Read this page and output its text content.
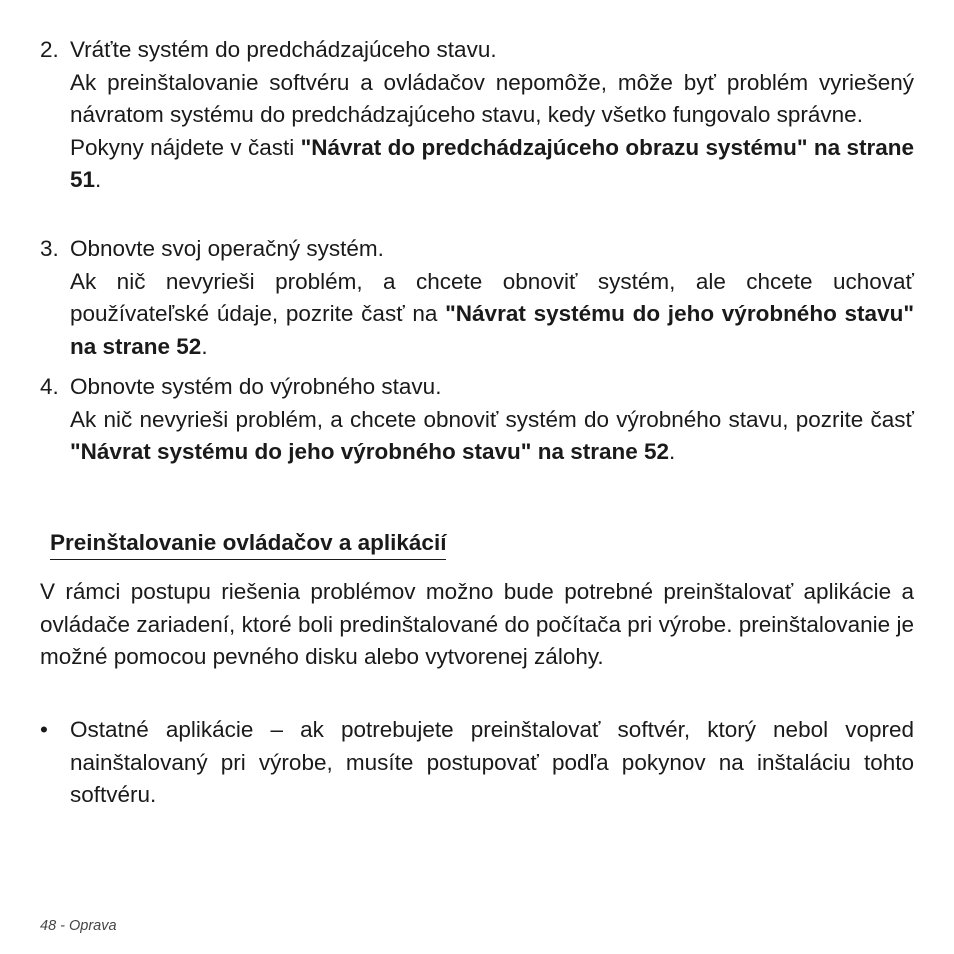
2. Vráťte systém do predchádzajúceho stavu.

Ak preinštalovanie softvéru a ovládačov nepomôže, môže byť problém vyriešený návratom systému do predchádzajúceho stavu, kedy všetko fungovalo správne.

Pokyny nájdete v časti "Návrat do predchádzajúceho obrazu systému" na strane 51.

3. Obnovte svoj operačný systém.

Ak nič nevyrieši problém, a chcete obnoviť systém, ale chcete uchovať používateľské údaje, pozrite časť na "Návrat systému do jeho výrobného stavu" na strane 52.

4. Obnovte systém do výrobného stavu.

Ak nič nevyrieši problém, a chcete obnoviť systém do výrobného stavu, pozrite časť "Návrat systému do jeho výrobného stavu" na strane 52.

Preinštalovanie ovládačov a aplikácií
V rámci postupu riešenia problémov možno bude potrebné preinštalovať aplikácie a ovládače zariadení, ktoré boli predinštalované do počítača pri výrobe. preinštalovanie je možné pomocou pevného disku alebo vytvorenej zálohy.
• Ostatné aplikácie – ak potrebujete preinštalovať softvér, ktorý nebol vopred nainštalovaný pri výrobe, musíte postupovať podľa pokynov na inštaláciu tohto softvéru.
48 - Oprava
